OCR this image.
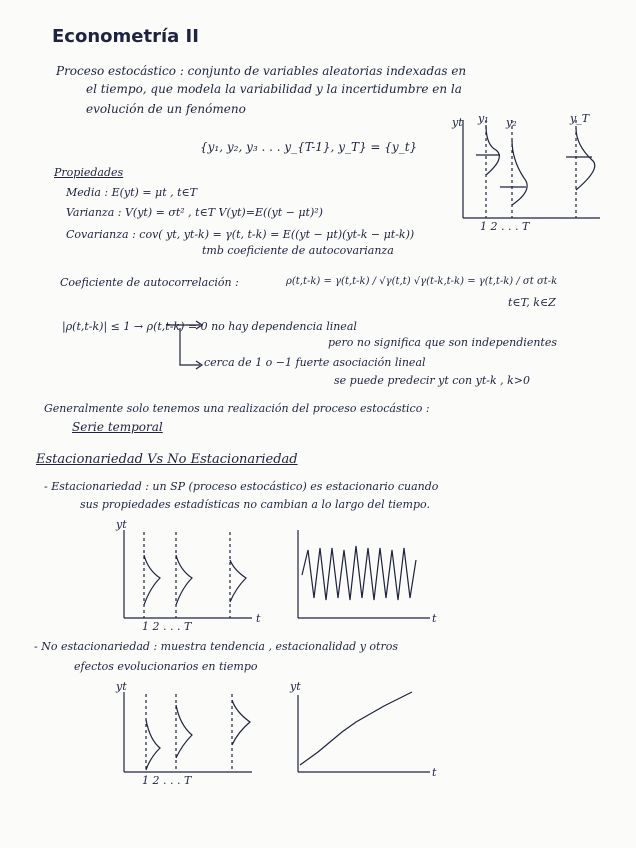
Econometría II
Proceso estocástico : conjunto de variables aleatorias indexadas en
el tiempo, que modela la variabilidad y la incertidumbre en la
evolución de un fenómeno
{y₁, y₂, y₃ . . . y_{T-1}, y_T} = {y_t}
Propiedades
Media : E(yt) = μt , t∈T
Varianza : V(yt) = σt² , t∈T V(yt)=E((yt − μt)²)
Covarianza : cov( yt, yt-k) = γ(t, t-k) = E((yt − μt)(yt-k − μt-k))
tmb coeficiente de autocovarianza
Coeficiente de autocorrelación :	ρ(t,t-k) = γ(t,t-k) / √γ(t,t) √γ(t-k,t-k) = γ(t,t-k) / σt σt-k
t∈T, k∈Z
|ρ(t,t-k)| ≤ 1 → ρ(t,t-k) = 0 no hay dependencia lineal
pero no significa que son independientes
cerca de 1 o −1 fuerte asociación lineal
se puede predecir yt con yt-k , k>0
Generalmente solo tenemos una realización del proceso estocástico :
Serie temporal
Estacionariedad Vs No Estacionariedad
- Estacionariedad : un SP (proceso estocástico) es estacionario cuando
sus propiedades estadísticas no cambian a lo largo del tiempo.
- No estacionariedad : muestra tendencia , estacionalidad y otros
efectos evolucionarios en tiempo
yt y₁ y₂	y_T
1 2 . . . T
yt
1 2 . . . T
t	t
yt
1 2 . . . T
yt
t
